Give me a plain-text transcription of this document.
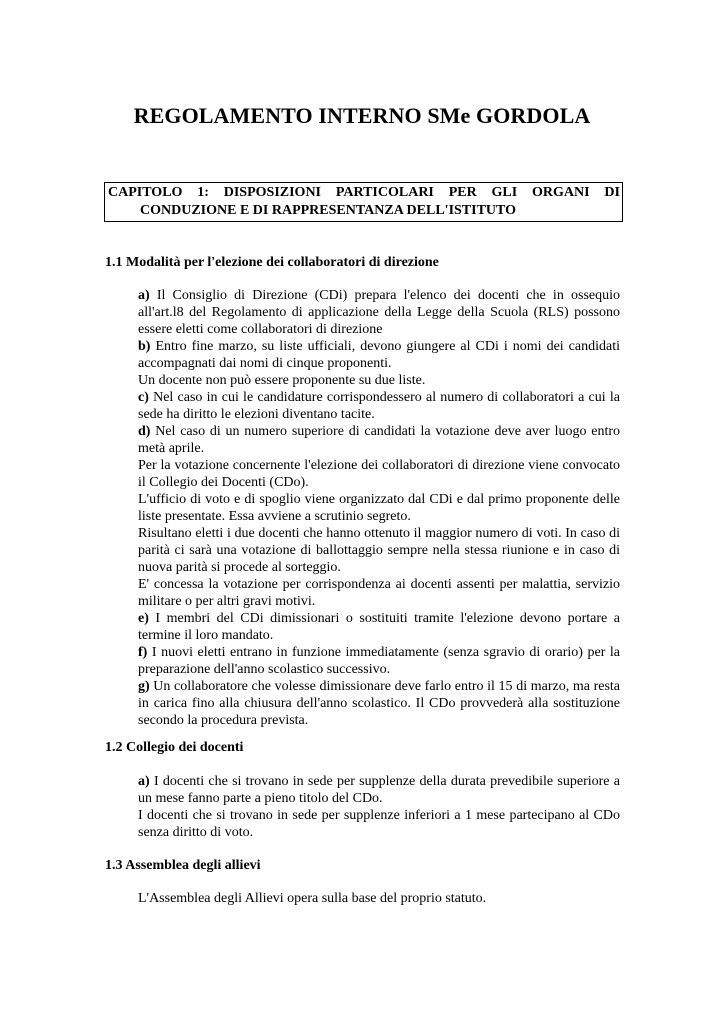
REGOLAMENTO INTERNO SMe GORDOLA
CAPITOLO 1: DISPOSIZIONI PARTICOLARI PER GLI ORGANI DI
CONDUZIONE E DI RAPPRESENTANZA DELL'ISTITUTO
1.1 Modalità per l'elezione dei collaboratori di direzione

a) Il Consiglio di Direzione (CDi) prepara l'elenco dei docenti che in ossequio all'art.l8 del Regolamento di applicazione della Legge della Scuola (RLS) possono essere eletti come collaboratori di direzione

b) Entro fine marzo, su liste ufficiali, devono giungere al CDi i nomi dei candidati accompagnati dai nomi di cinque proponenti.

Un docente non può essere proponente su due liste.

c) Nel caso in cui le candidature corrispondessero al numero di collaboratori a cui la sede ha diritto le elezioni diventano tacite.

d) Nel caso di un numero superiore di candidati la votazione deve aver luogo entro metà aprile.

Per la votazione concernente l'elezione dei collaboratori di direzione viene convocato il Collegio dei Docenti (CDo).

L'ufficio di voto e di spoglio viene organizzato dal CDi e dal primo proponente delle liste presentate. Essa avviene a scrutinio segreto.

Risultano eletti i due docenti che hanno ottenuto il maggior numero di voti. In caso di parità ci sarà una votazione di ballottaggio sempre nella stessa riunione e in caso di nuova parità si procede al sorteggio.

E' concessa la votazione per corrispondenza ai docenti assenti per malattia, servizio militare o per altri gravi motivi.

e) I membri del CDi dimissionari o sostituiti tramite l'elezione devono portare a termine il loro mandato.

f) I nuovi eletti entrano in funzione immediatamente (senza sgravio di orario) per la preparazione dell'anno scolastico successivo.

g) Un collaboratore che volesse dimissionare deve farlo entro il 15 di marzo, ma resta in carica fino alla chiusura dell'anno scolastico. Il CDo provvederà alla sostituzione secondo la procedura prevista.

1.2 Collegio dei docenti

a) I docenti che si trovano in sede per supplenze della durata prevedibile superiore a un mese fanno parte a pieno titolo del CDo.

I docenti che si trovano in sede per supplenze inferiori a 1 mese partecipano al CDo senza diritto di voto.

1.3 Assemblea degli allievi

L'Assemblea degli Allievi opera sulla base del proprio statuto.
